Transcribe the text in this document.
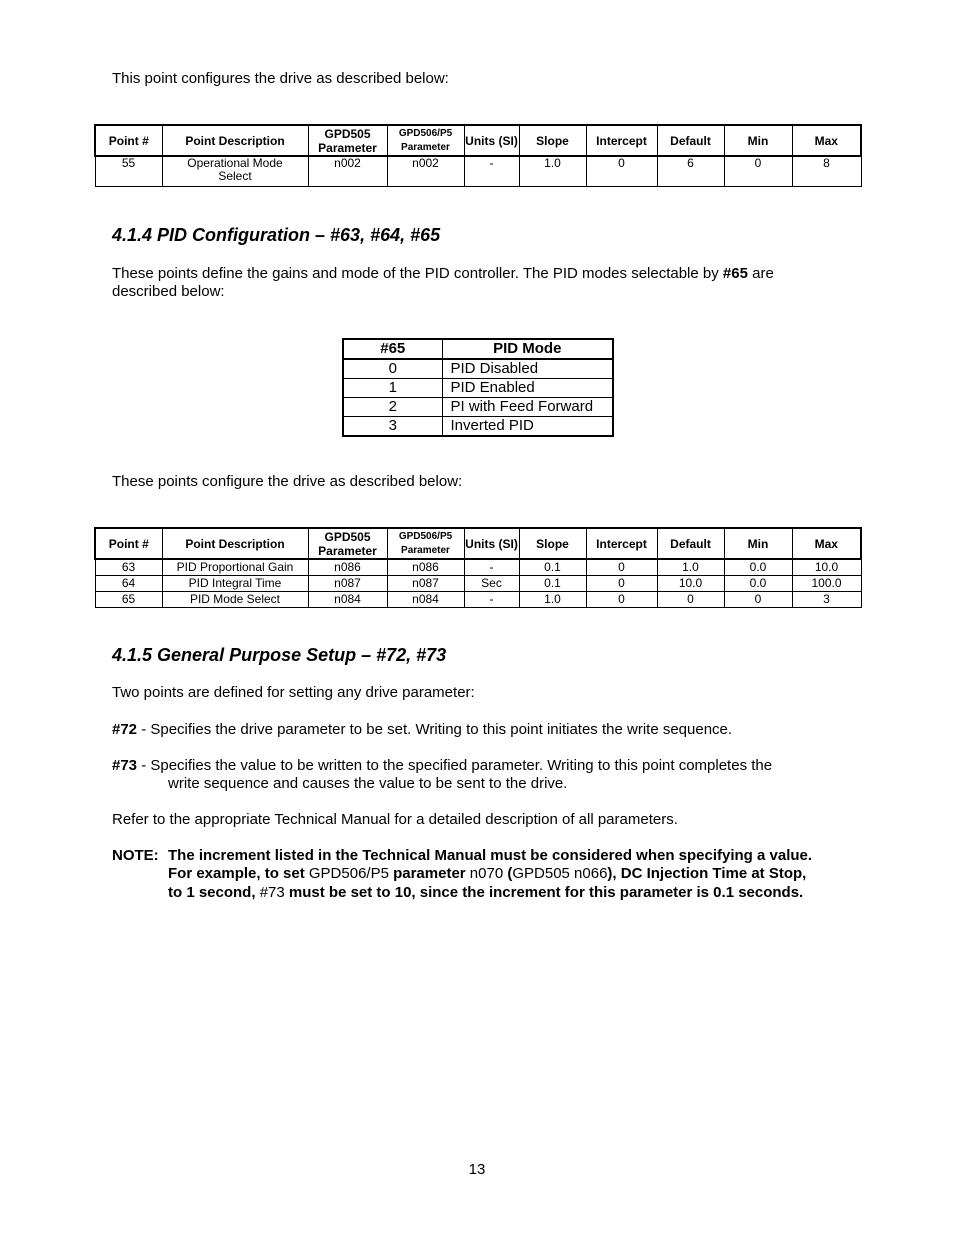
This point configures the drive as described below:
Point #	Point Description	GPD505 Parameter	GPD506/P5 Parameter	Units (SI)	Slope	Intercept	Default	Min	Max
55	Operational Mode Select	n002	n002	-	1.0	0	6	0	8
4.1.4 PID Configuration – #63, #64, #65
These points define the gains and mode of the PID controller. The PID modes selectable by #65 are described below:
#65	PID Mode
0	PID Disabled
1	PID Enabled
2	PI with Feed Forward
3	Inverted PID
These points configure the drive as described below:
Point #	Point Description	GPD505 Parameter	GPD506/P5 Parameter	Units (SI)	Slope	Intercept	Default	Min	Max
63	PID Proportional Gain	n086	n086	-	0.1	0	1.0	0.0	10.0
64	PID Integral Time	n087	n087	Sec	0.1	0	10.0	0.0	100.0
65	PID Mode Select	n084	n084	-	1.0	0	0	0	3
4.1.5 General Purpose Setup – #72, #73
Two points are defined for setting any drive parameter:
#72 - Specifies the drive parameter to be set. Writing to this point initiates the write sequence.
#73 - Specifies the value to be written to the specified parameter. Writing to this point completes the
write sequence and causes the value to be sent to the drive.
Refer to the appropriate Technical Manual for a detailed description of all parameters.
NOTE: The increment listed in the Technical Manual must be considered when specifying a value.
For example, to set GPD506/P5 parameter n070 (GPD505 n066), DC Injection Time at Stop,
to 1 second, #73 must be set to 10, since the increment for this parameter is 0.1 seconds.
13
